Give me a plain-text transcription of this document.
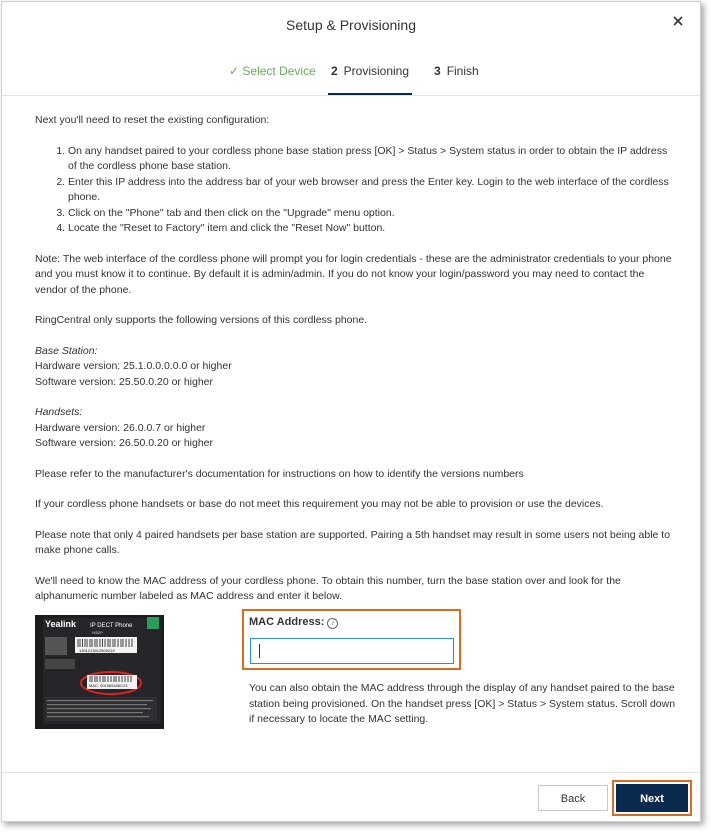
Setup & Provisioning
✓ Select Device 2 Provisioning 3 Finish

Next you'll need to reset the existing configuration:

1. On any handset paired to your cordless phone base station press [OK] > Status > System status in order to obtain the IP address of the cordless phone base station.
2. Enter this IP address into the address bar of your web browser and press the Enter key. Login to the web interface of the cordless phone.
3. Click on the "Phone" tab and then click on the "Upgrade" menu option.
4. Locate the "Reset to Factory" item and click the "Reset Now" button.

Note: The web interface of the cordless phone will prompt you for login credentials - these are the administrator credentials to your phone and you must know it to continue. By default it is admin/admin. If you do not know your login/password you may need to contact the vendor of the phone.

RingCentral only supports the following versions of this cordless phone.

Base Station:

Hardware version: 25.1.0.0.0.0.0 or higher

Software version: 25.50.0.20 or higher

Handsets:

Hardware version: 26.0.0.7 or higher

Software version: 26.50.0.20 or higher

Please refer to the manufacturer's documentation for instructions on how to identify the versions numbers

If your cordless phone handsets or base do not meet this requirement you may not be able to provision or use the devices.

Please note that only 4 paired handsets per base station are supported. Pairing a 5th handset may result in some users not being able to make phone calls.

We'll need to know the MAC address of your cordless phone. To obtain this number, turn the base station over and look for the alphanumeric number labeled as MAC address and enter it below.

Yealink IP DECT Phone
W52P
1301213012500219
MAC: 001565436C23
MAC Address: i
You can also obtain the MAC address through the display of any handset paired to the base station being provisioned. On the handset press [OK] > Status > System status. Scroll down if necessary to locate the MAC setting.
Back	Next
